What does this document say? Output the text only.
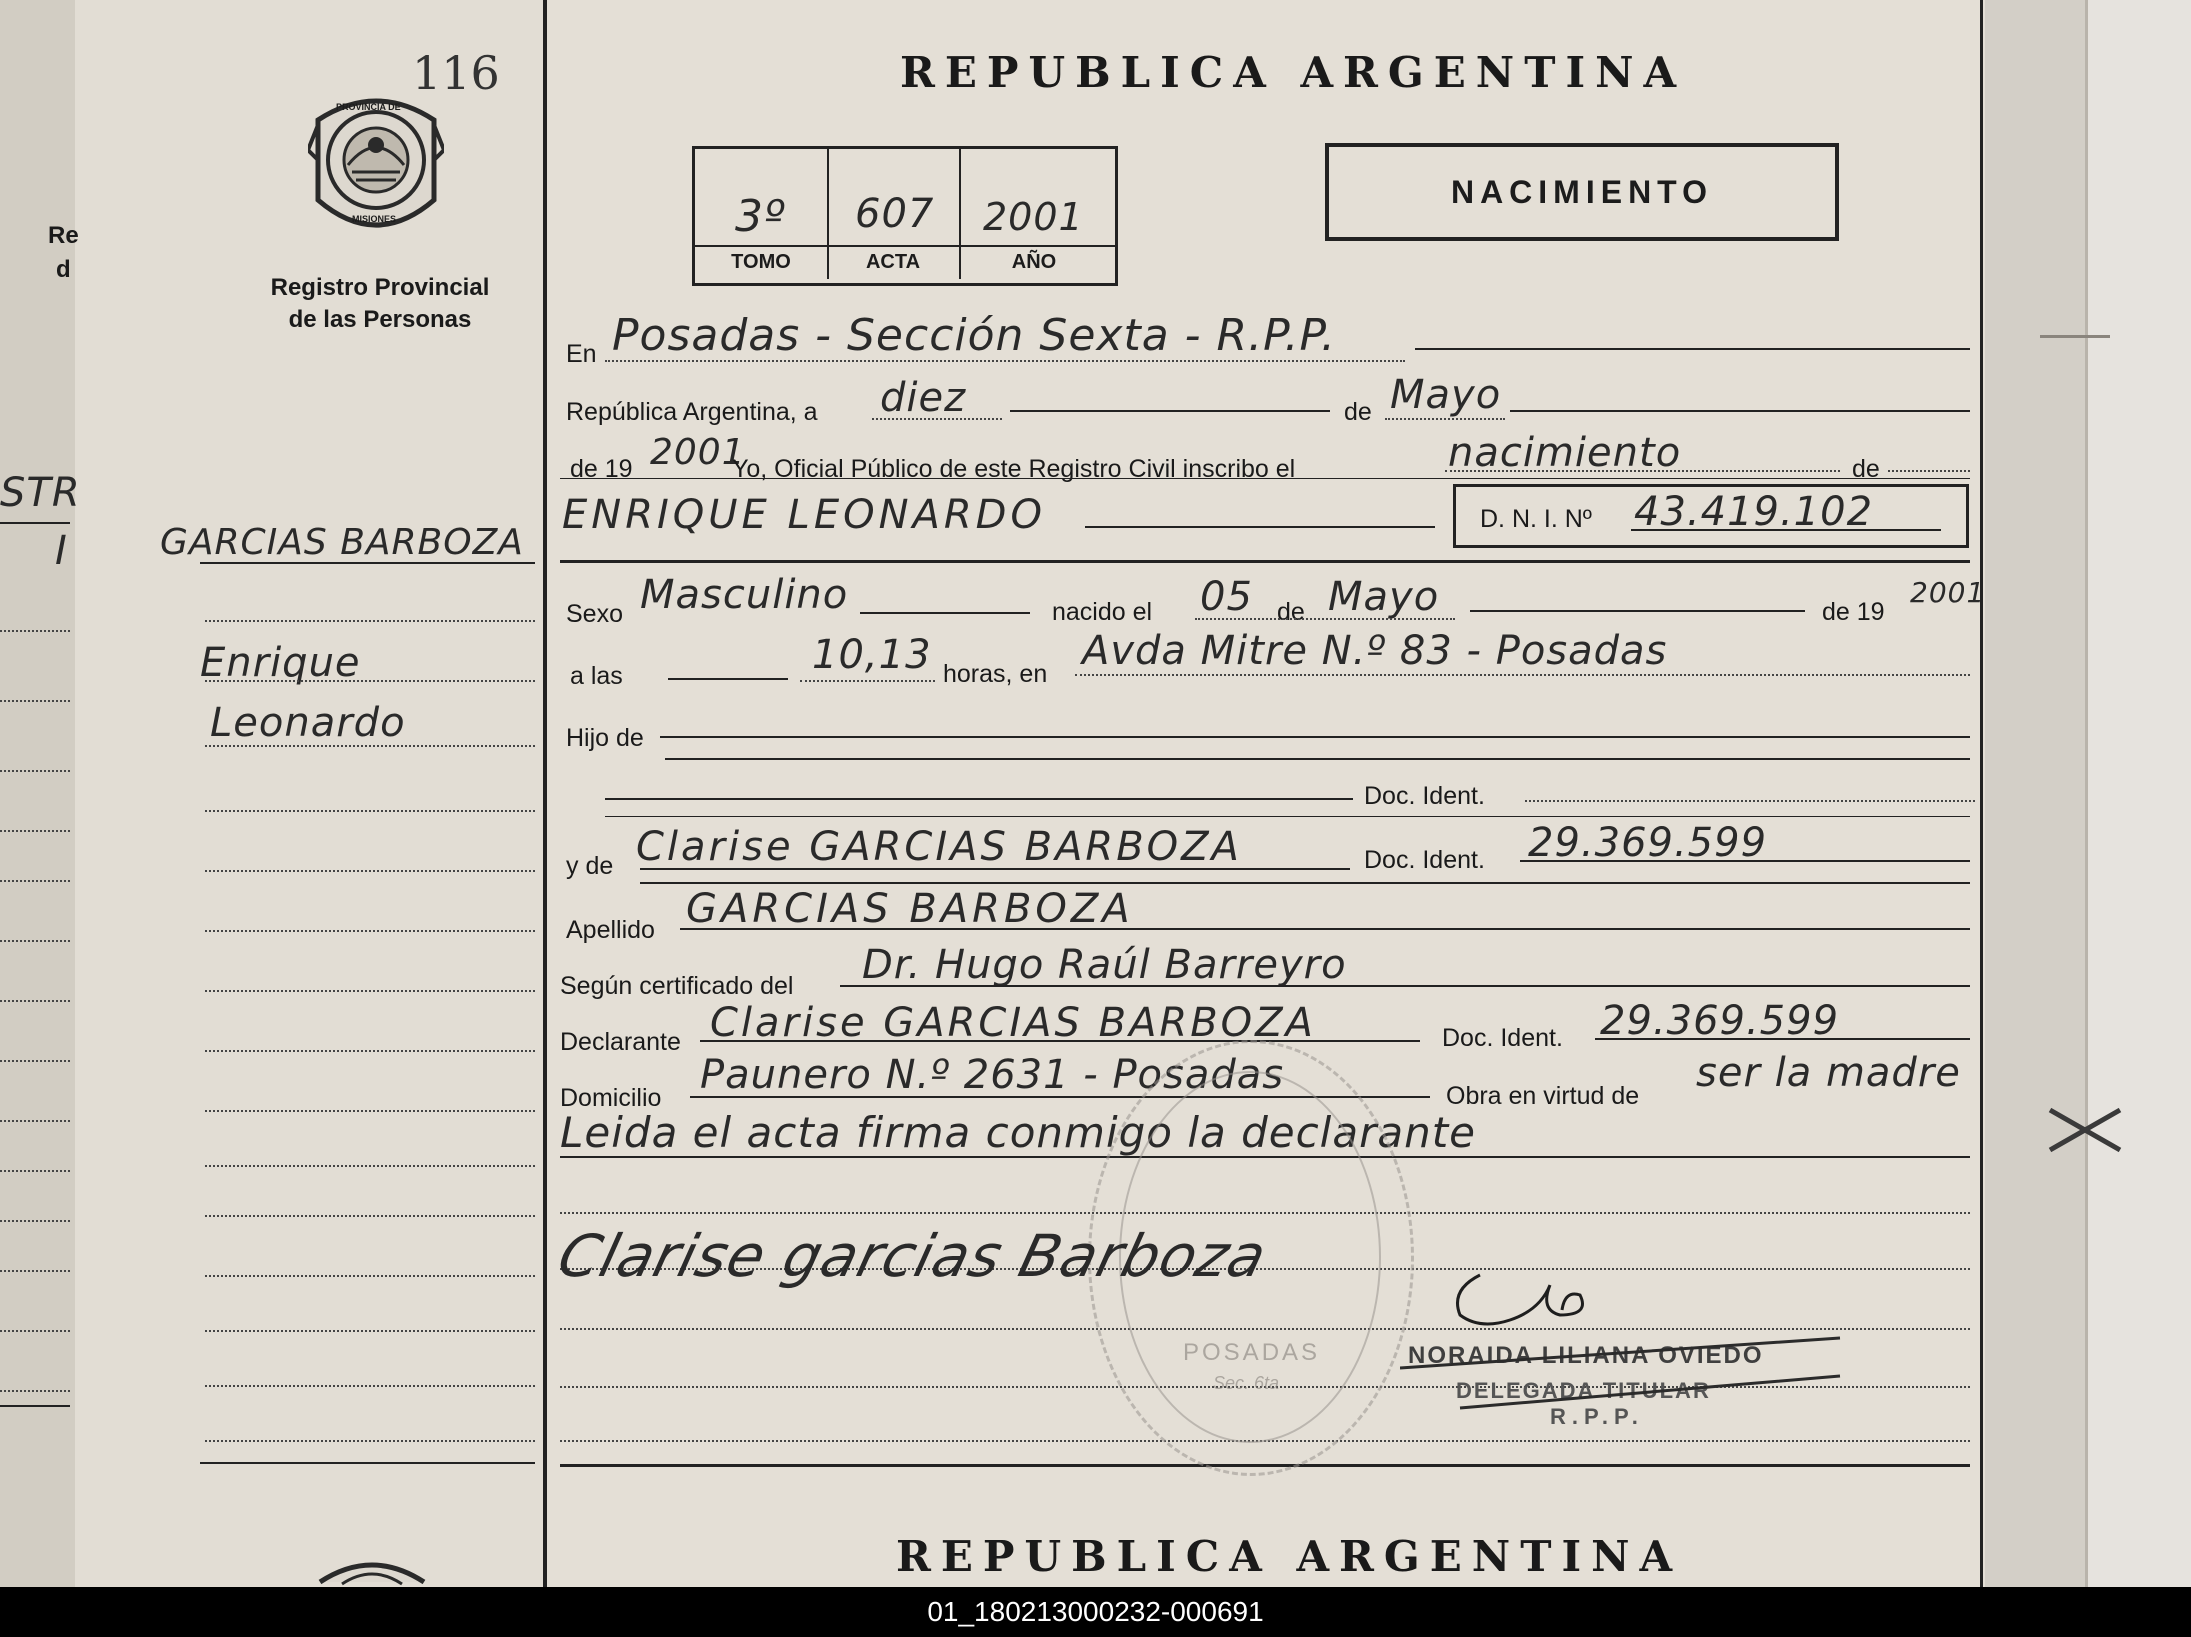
Re
d
STR
I
116
PROVINCIA DE
MISIONES
Registro Provincial
de las Personas
GARCIAS BARBOZA
Enrique
Leonardo
REPUBLICA ARGENTINA
3º 607 2001
TOMO	ACTA	AÑO
NACIMIENTO
En Posadas - Sección Sexta - R.P.P.
República Argentina, a diez	de Mayo
de 19 2001
Yo, Oficial Público de este Registro Civil inscribo el	nacimiento	de
ENRIQUE LEONARDO	D. N. I. Nº 43.419.102
Sexo Masculino	nacido el 05 de Mayo	de 19
2001
a las	10,13 horas, en Avda Mitre N.º 83 - Posadas
Hijo de
Doc. Ident.
y de Clarise GARCIAS BARBOZA	Doc. Ident. 29.369.599
Apellido GARCIAS BARBOZA
Según certificado del Dr. Hugo Raúl Barreyro
Declarante Clarise GARCIAS BARBOZA	Doc. Ident. 29.369.599
Domicilio Paunero N.º 2631 - Posadas	Obra en virtud de ser la madre
Leida el acta firma conmigo la declarante
POSADAS
Sec. 6ta
Clarise garcias Barboza
NORAIDA LILIANA OVIEDO
DELEGADA TITULAR
R.P.P.
REPUBLICA ARGENTINA
01_180213000232-000691
